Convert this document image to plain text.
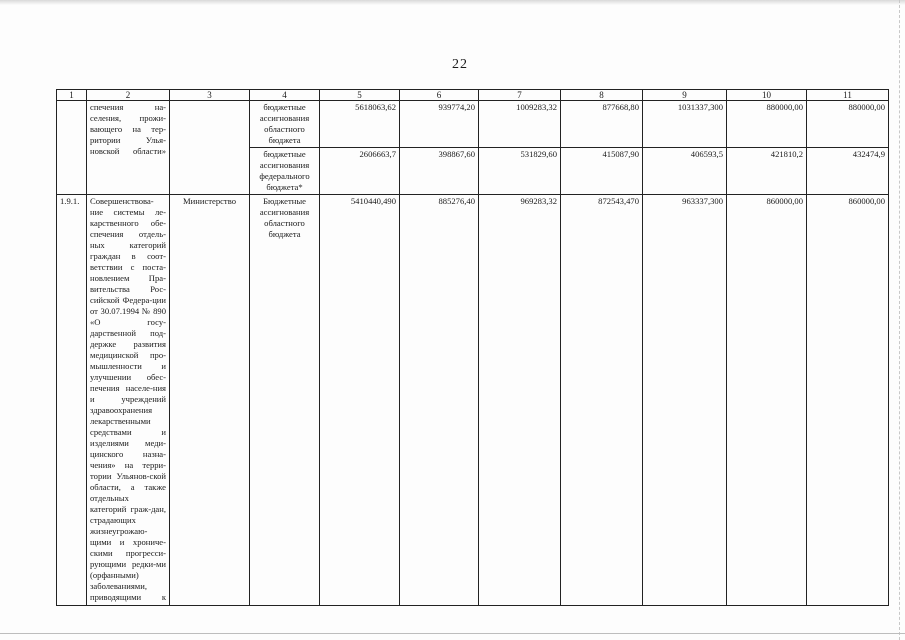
22
1	2	3	4	5	6	7	8	9	10	11
	спечения на-селения, прожи-вающего на тер-ритории Улья-новской области»		бюджетные ассигнования областного бюджета	5618063,62	939774,20	1009283,32	877668,80	1031337,300	880000,00	880000,00
			бюджетные ассигнования федерального бюджета*	2606663,7	398867,60	531829,60	415087,90	406593,5	421810,2	432474,9
1.9.1.	Совершенствова-ние системы ле-карственного обе-спечения отдель-ных категорий граждан в соот-ветствии с поста-новлением Пра-вительства Рос-сийской Федера-ции от 30.07.1994 № 890 «О госу-дарственной под-держке развития медицинской про-мышленности и улучшении обес-печения населе-ния и учреждений здравоохранения лекарственными средствами и изделиями меди-цинского назна-чения» на терри-тории Ульянов-ской области, а также отдельных категорий граж-дан, страдающих жизнеугрожаю-щими и хрониче-скими прогресси-рующими редки-ми (орфанными) заболеваниями, приводящими к	Министерство	Бюджетные ассигнования областного бюджета	5410440,490	885276,40	969283,32	872543,470	963337,300	860000,00	860000,00
